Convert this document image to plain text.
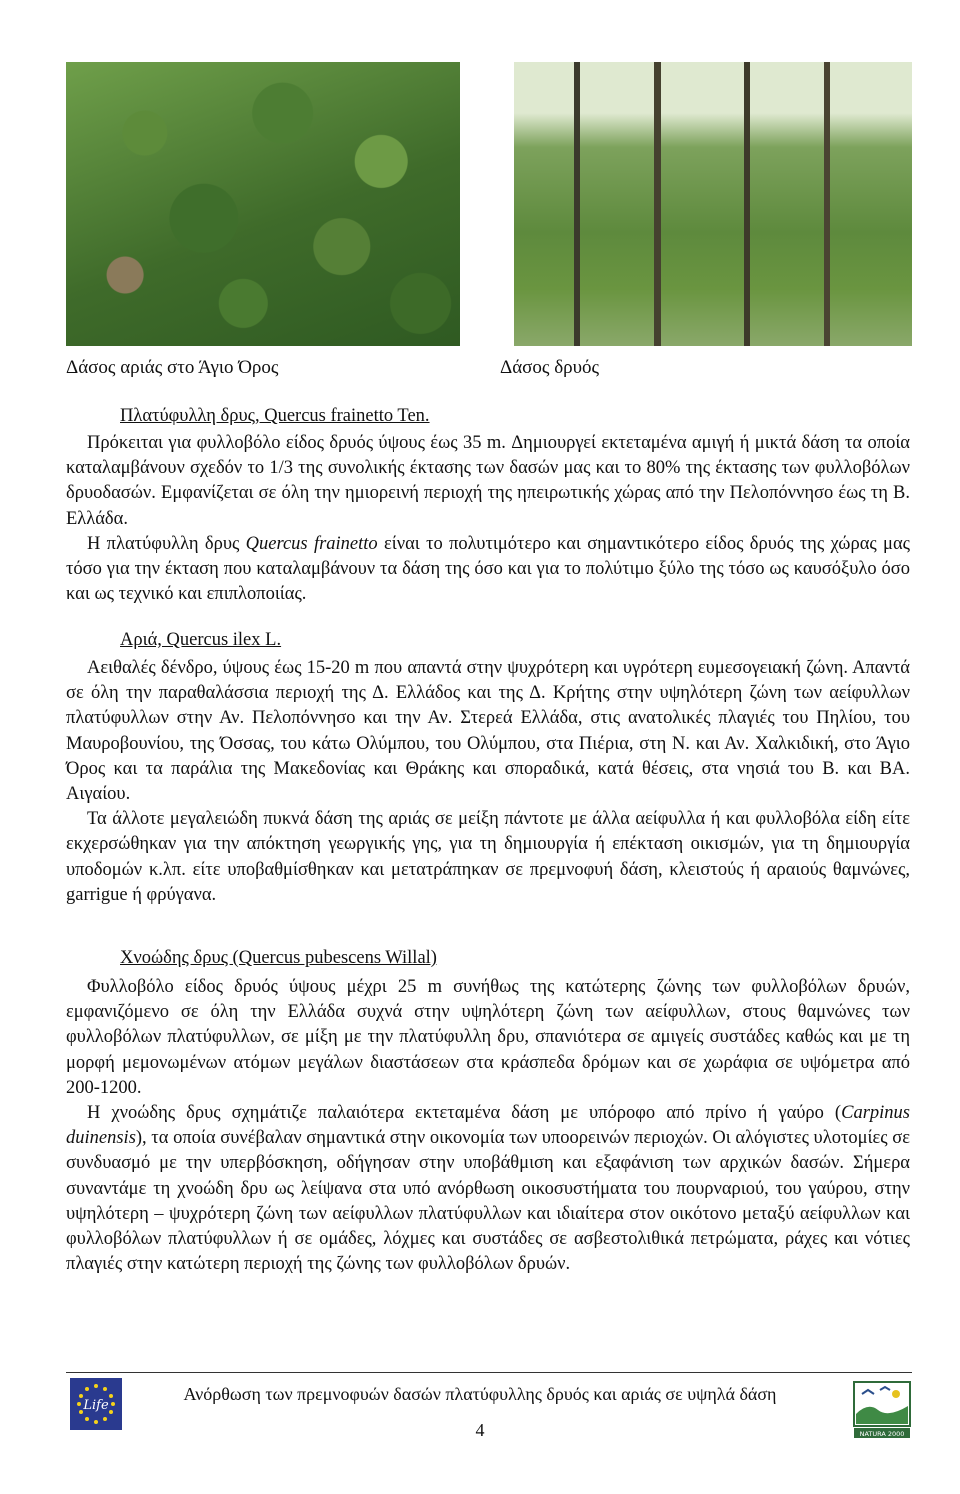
Δάσος αριάς στο Άγιο Όρος	Δάσος δρυός
Πλατύφυλλη δρυς, Quercus frainetto Ten.
Πρόκειται για φυλλοβόλο είδος δρυός ύψους έως 35 m. Δημιουργεί εκτεταμένα αμιγή ή μικτά δάση τα οποία καταλαμβάνουν σχεδόν το 1/3 της συνολικής έκτασης των δασών μας και το 80% της έκτασης των φυλλοβόλων δρυοδασών. Εμφανίζεται σε όλη την ημιορεινή περιοχή της ηπειρωτικής χώρας από την Πελοπόννησο έως τη Β. Ελλάδα.
Η πλατύφυλλη δρυς Quercus frainetto είναι το πολυτιμότερο και σημαντικότερο είδος δρυός της χώρας μας τόσο για την έκταση που καταλαμβάνουν τα δάση της όσο και για το πολύτιμο ξύλο της τόσο ως καυσόξυλο όσο και ως τεχνικό και επιπλοποιίας.
Αριά, Quercus ilex L.
Αειθαλές δένδρο, ύψους έως 15-20 m που απαντά στην ψυχρότερη και υγρότερη ευμεσογειακή ζώνη. Απαντά σε όλη την παραθαλάσσια περιοχή της Δ. Ελλάδος και της Δ. Κρήτης στην υψηλότερη ζώνη των αείφυλλων πλατύφυλλων στην Αν. Πελοπόννησο και την Αν. Στερεά Ελλάδα, στις ανατολικές πλαγιές του Πηλίου, του Μαυροβουνίου, της Όσσας, του κάτω Ολύμπου, του Ολύμπου, στα Πιέρια, στη Ν. και Αν. Χαλκιδική, στο Άγιο Όρος και τα παράλια της Μακεδονίας και Θράκης και σποραδικά, κατά θέσεις, στα νησιά του Β. και ΒΑ. Αιγαίου.
Τα άλλοτε μεγαλειώδη πυκνά δάση της αριάς σε μείξη πάντοτε με άλλα αείφυλλα ή και φυλλοβόλα είδη είτε εκχερσώθηκαν για την απόκτηση γεωργικής γης, για τη δημιουργία ή επέκταση οικισμών, για τη δημιουργία υποδομών κ.λπ. είτε υποβαθμίσθηκαν και μετατράπηκαν σε πρεμνοφυή δάση, κλειστούς ή αραιούς θαμνώνες, garrigue ή φρύγανα.
Χνοώδης δρυς (Quercus pubescens Willal)
Φυλλοβόλο είδος δρυός ύψους μέχρι 25 m συνήθως της κατώτερης ζώνης των φυλλοβόλων δρυών, εμφανιζόμενο σε όλη την Ελλάδα συχνά στην υψηλότερη ζώνη των αείφυλλων, στους θαμνώνες των φυλλοβόλων πλατύφυλλων, σε μίξη με την πλατύφυλλη δρυ, σπανιότερα σε αμιγείς συστάδες καθώς και με τη μορφή μεμονωμένων ατόμων μεγάλων διαστάσεων στα κράσπεδα δρόμων και σε χωράφια σε υψόμετρα από 200-1200.
Η χνοώδης δρυς σχημάτιζε παλαιότερα εκτεταμένα δάση με υπόροφο από πρίνο ή γαύρο (Carpinus duinensis), τα οποία συνέβαλαν σημαντικά στην οικονομία των υποορεινών περιοχών. Οι αλόγιστες υλοτομίες σε συνδυασμό με την υπερβόσκηση, οδήγησαν στην υποβάθμιση και εξαφάνιση των αρχικών δασών. Σήμερα συναντάμε τη χνοώδη δρυ ως λείψανα στα υπό ανόρθωση οικοσυστήματα του πουρναριού, του γαύρου, στην υψηλότερη – ψυχρότερη ζώνη των αείφυλλων πλατύφυλλων και ιδιαίτερα στον οικότονο μεταξύ αείφυλλων και φυλλοβόλων πλατύφυλλων ή σε ομάδες, λόχμες και συστάδες σε ασβεστολιθικά πετρώματα, ράχες και νότιες πλαγιές στην κατώτερη περιοχή της ζώνης των φυλλοβόλων δρυών.
Life
Ανόρθωση των πρεμνοφυών δασών πλατύφυλλης δρυός και αριάς σε υψηλά δάση
4	NATURA 2000
